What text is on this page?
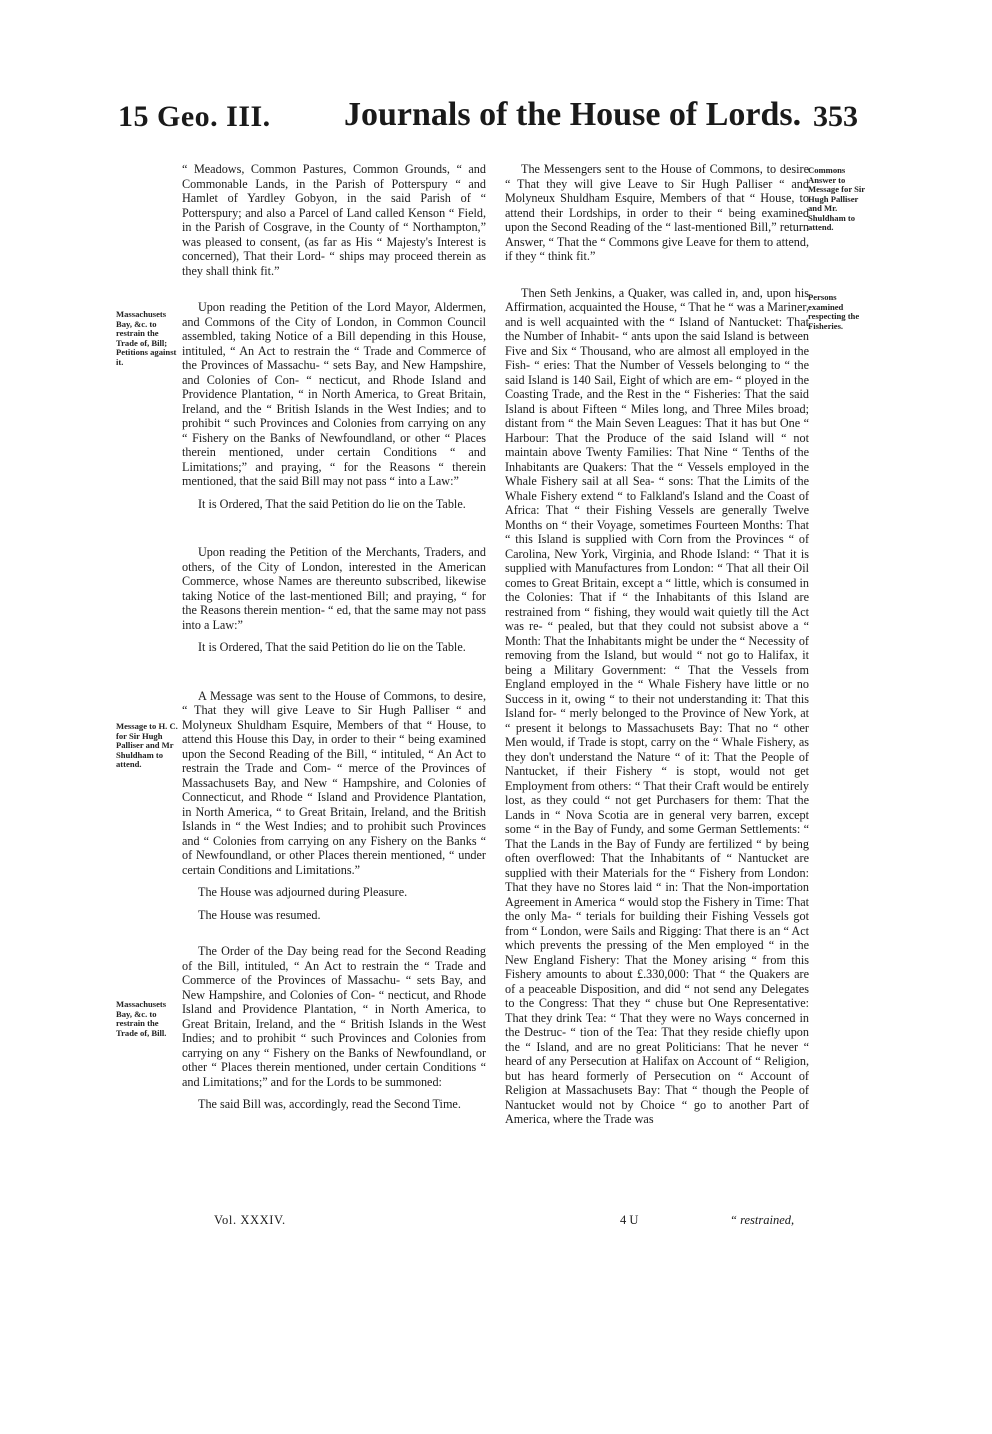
15 Geo. III. Journals of the House of Lords. 353
Massachusets Bay, &c. to restrain the Trade of, Bill; Petitions against it.
Message to H. C. for Sir Hugh Palliser and Mr Shuldham to attend.
Massachusets Bay, &c. to restrain the Trade of, Bill.
Commons Answer to Message for Sir Hugh Palliser and Mr. Shuldham to attend.
Persons examined respecting the Fisheries.

“ Meadows, Common Pastures, Common Grounds, “ and Commonable Lands, in the Parish of Potterspury “ and Hamlet of Yardley Gobyon, in the said Parish of “ Potterspury; and also a Parcel of Land called Kenson “ Field, in the Parish of Cosgrave, in the County of “ Northampton,” was pleased to consent, (as far as His “ Majesty's Interest is concerned), That their Lord- “ ships may proceed therein as they shall think fit.”

Upon reading the Petition of the Lord Mayor, Aldermen, and Commons of the City of London, in Common Council assembled, taking Notice of a Bill depending in this House, intituled, “ An Act to restrain the “ Trade and Commerce of the Provinces of Massachu- “ sets Bay, and New Hampshire, and Colonies of Con- “ necticut, and Rhode Island and Providence Plantation, “ in North America, to Great Britain, Ireland, and the “ British Islands in the West Indies; and to prohibit “ such Provinces and Colonies from carrying on any “ Fishery on the Banks of Newfoundland, or other “ Places therein mentioned, under certain Conditions “ and Limitations;” and praying, “ for the Reasons “ therein mentioned, that the said Bill may not pass “ into a Law:”

It is Ordered, That the said Petition do lie on the Table.

Upon reading the Petition of the Merchants, Traders, and others, of the City of London, interested in the American Commerce, whose Names are thereunto subscribed, likewise taking Notice of the last-mentioned Bill; and praying, “ for the Reasons therein mention- “ ed, that the same may not pass into a Law:”

It is Ordered, That the said Petition do lie on the Table.

A Message was sent to the House of Commons, to desire, “ That they will give Leave to Sir Hugh Palliser “ and Molyneux Shuldham Esquire, Members of that “ House, to attend this House this Day, in order to their “ being examined upon the Second Reading of the Bill, “ intituled, “ An Act to restrain the Trade and Com- “ merce of the Provinces of Massachusets Bay, and New “ Hampshire, and Colonies of Connecticut, and Rhode “ Island and Providence Plantation, in North America, “ to Great Britain, Ireland, and the British Islands in “ the West Indies; and to prohibit such Provinces and “ Colonies from carrying on any Fishery on the Banks “ of Newfoundland, or other Places therein mentioned, “ under certain Conditions and Limitations.”

The House was adjourned during Pleasure.

The House was resumed.

The Order of the Day being read for the Second Reading of the Bill, intituled, “ An Act to restrain the “ Trade and Commerce of the Provinces of Massachu- “ sets Bay, and New Hampshire, and Colonies of Con- “ necticut, and Rhode Island and Providence Plantation, “ in North America, to Great Britain, Ireland, and the “ British Islands in the West Indies; and to prohibit “ such Provinces and Colonies from carrying on any “ Fishery on the Banks of Newfoundland, or other “ Places therein mentioned, under certain Conditions “ and Limitations;” and for the Lords to be summoned:

The said Bill was, accordingly, read the Second Time.

The Messengers sent to the House of Commons, to desire “ That they will give Leave to Sir Hugh Palliser “ and Molyneux Shuldham Esquire, Members of that “ House, to attend their Lordships, in order to their “ being examined upon the Second Reading of the “ last-mentioned Bill,” return Answer, “ That the “ Commons give Leave for them to attend, if they “ think fit.”

Then Seth Jenkins, a Quaker, was called in, and, upon his Affirmation, acquainted the House, “ That he “ was a Mariner, and is well acquainted with the “ Island of Nantucket: That the Number of Inhabit- “ ants upon the said Island is between Five and Six “ Thousand, who are almost all employed in the Fish- “ eries: That the Number of Vessels belonging to “ the said Island is 140 Sail, Eight of which are em- “ ployed in the Coasting Trade, and the Rest in the “ Fisheries: That the said Island is about Fifteen “ Miles long, and Three Miles broad; distant from “ the Main Seven Leagues: That it has but One “ Harbour: That the Produce of the said Island will “ not maintain above Twenty Families: That Nine “ Tenths of the Inhabitants are Quakers: That the “ Vessels employed in the Whale Fishery sail at all Sea- “ sons: That the Limits of the Whale Fishery extend “ to Falkland's Island and the Coast of Africa: That “ their Fishing Vessels are generally Twelve Months on “ their Voyage, sometimes Fourteen Months: That “ this Island is supplied with Corn from the Provinces “ of Carolina, New York, Virginia, and Rhode Island: “ That it is supplied with Manufactures from London: “ That all their Oil comes to Great Britain, except a “ little, which is consumed in the Colonies: That if “ the Inhabitants of this Island are restrained from “ fishing, they would wait quietly till the Act was re- “ pealed, but that they could not subsist above a “ Month: That the Inhabitants might be under the “ Necessity of removing from the Island, but would “ not go to Halifax, it being a Military Government: “ That the Vessels from England employed in the “ Whale Fishery have little or no Success in it, owing “ to their not understanding it: That this Island for- “ merly belonged to the Province of New York, at “ present it belongs to Massachusets Bay: That no “ other Men would, if Trade is stopt, carry on the “ Whale Fishery, as they don't understand the Nature “ of it: That the People of Nantucket, if their Fishery “ is stopt, would not get Employment from others: “ That their Craft would be entirely lost, as they could “ not get Purchasers for them: That the Lands in “ Nova Scotia are in general very barren, except some “ in the Bay of Fundy, and some German Settlements: “ That the Lands in the Bay of Fundy are fertilized “ by being often overflowed: That the Inhabitants of “ Nantucket are supplied with their Materials for the “ Fishery from London: That they have no Stores laid “ in: That the Non-importation Agreement in America “ would stop the Fishery in Time: That the only Ma- “ terials for building their Fishing Vessels got from “ London, were Sails and Rigging: That there is an “ Act which prevents the pressing of the Men employed “ in the New England Fishery: That the Money arising “ from this Fishery amounts to about £.330,000: That “ the Quakers are of a peaceable Disposition, and did “ not send any Delegates to the Congress: That they “ chuse but One Representative: That they drink Tea: “ That they were no Ways concerned in the Destruc- “ tion of the Tea: That they reside chiefly upon the “ Island, and are no great Politicians: That he never “ heard of any Persecution at Halifax on Account of “ Religion, but has heard formerly of Persecution on “ Account of Religion at Massachusets Bay: That “ though the People of Nantucket would not by Choice “ go to another Part of America, where the Trade was

Vol. XXXIV.	4 U	“ restrained,
